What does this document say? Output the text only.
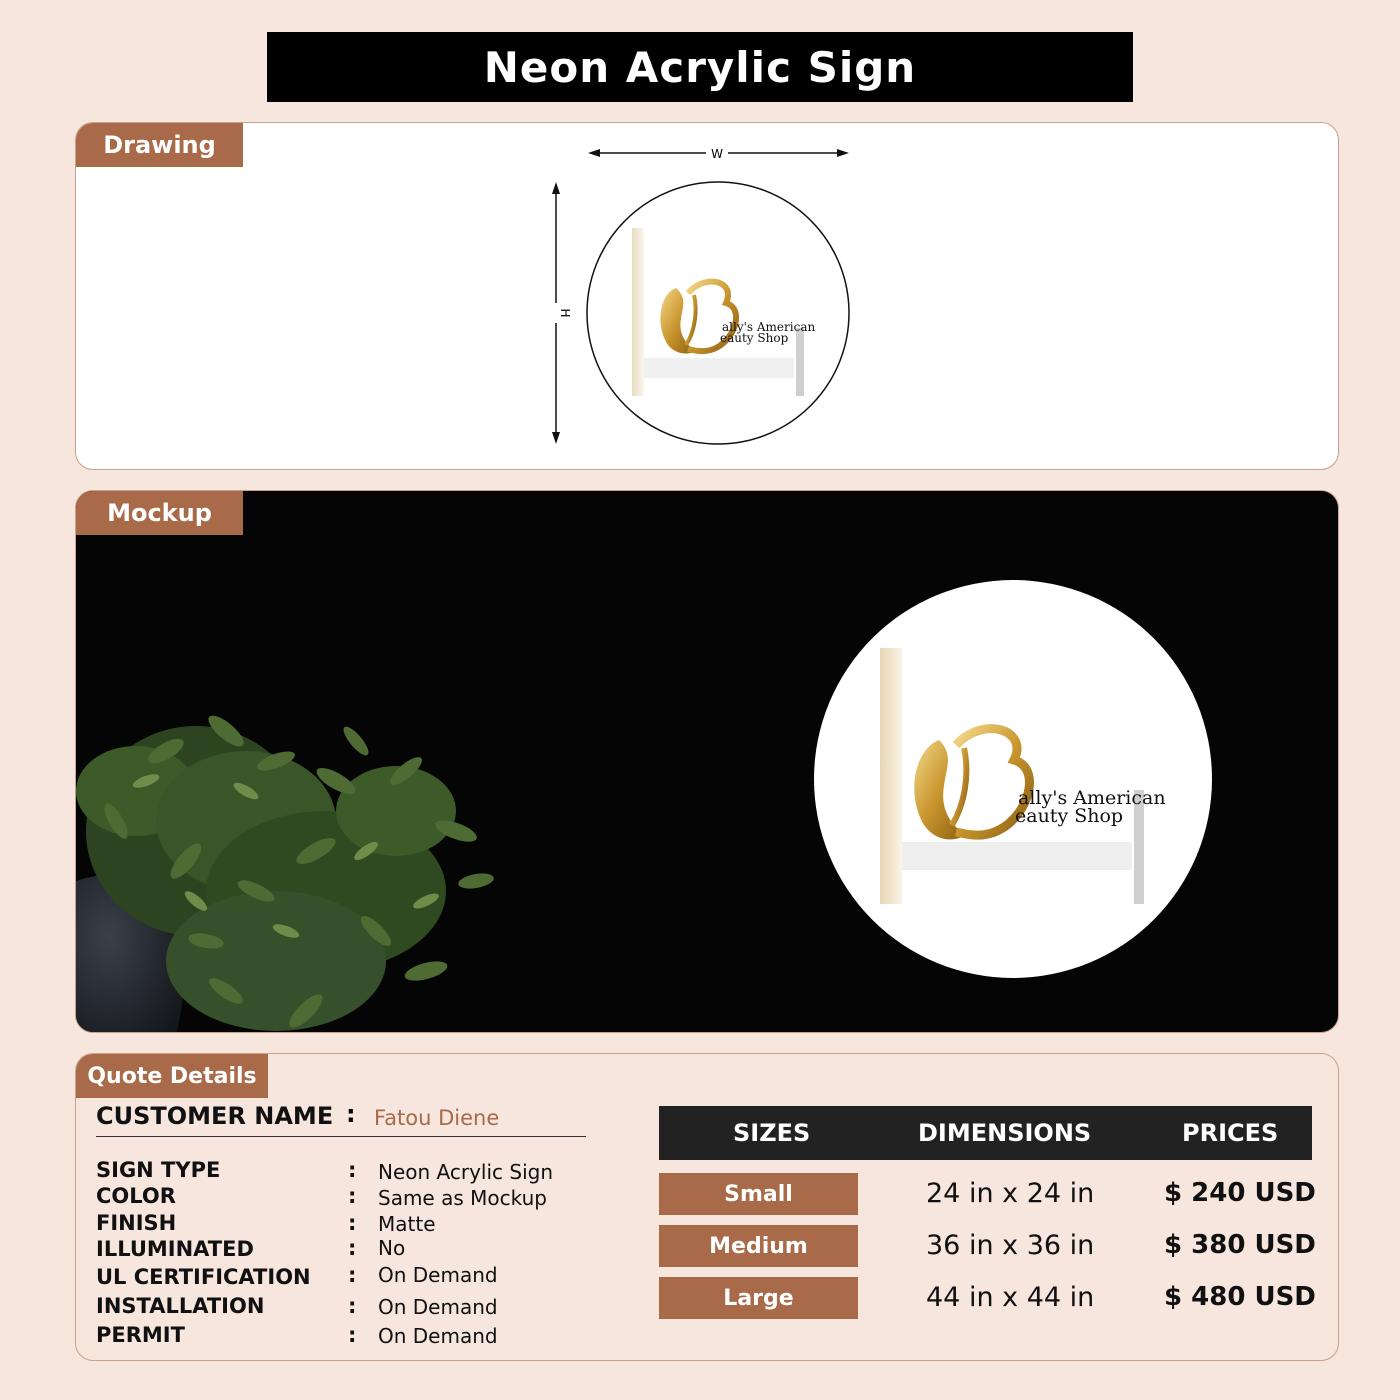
Neon Acrylic Sign
Drawing	W
H
ally's American
eauty Shop
Mockup
ally's American
eauty Shop
Quote Details
CUSTOMER NAME : Fatou Diene
SIGN TYPE	: Neon Acrylic Sign
COLOR	: Same as Mockup
FINISH	: Matte
ILLUMINATED	: No
UL CERTIFICATION : On Demand
INSTALLATION	: On Demand
PERMIT	: On Demand
SIZES	DIMENSIONS	PRICES
Small	24 in x 24 in	$ 240 USD
Medium	36 in x 36 in	$ 380 USD
Large	44 in x 44 in	$ 480 USD
